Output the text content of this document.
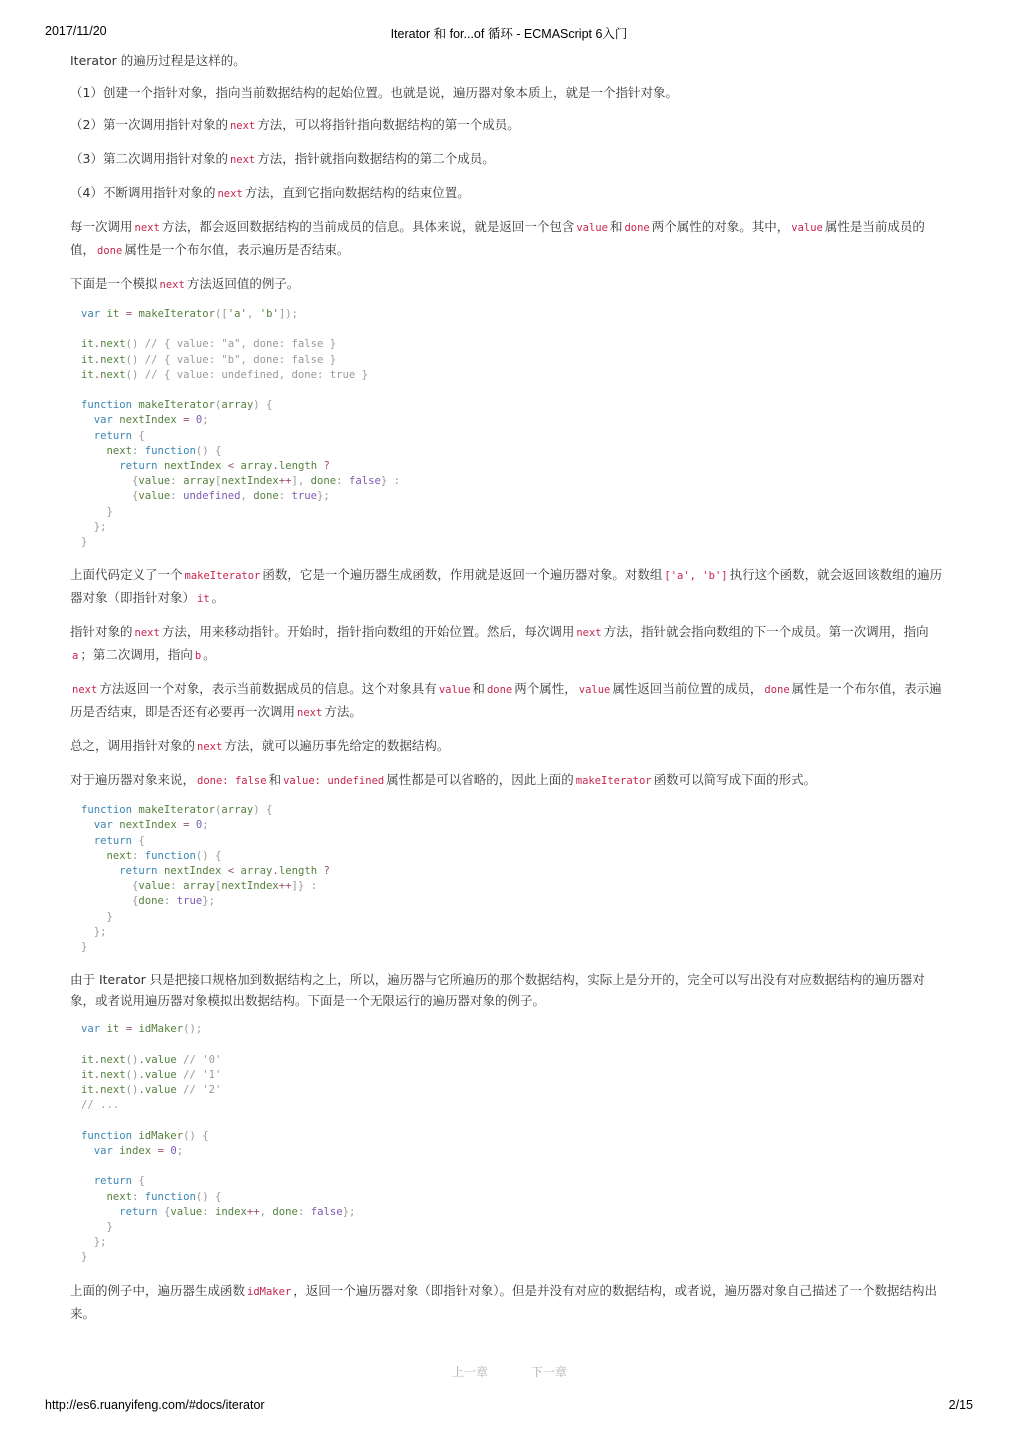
2017/11/20	Iterator 和 for...of 循环 - ECMAScript 6入门

Iterator 的遍历过程是这样的。

（1）创建一个指针对象，指向当前数据结构的起始位置。也就是说，遍历器对象本质上，就是一个指针对象。

（2）第一次调用指针对象的 next 方法，可以将指针指向数据结构的第一个成员。

（3）第二次调用指针对象的 next 方法，指针就指向数据结构的第二个成员。

（4）不断调用指针对象的 next 方法，直到它指向数据结构的结束位置。

每一次调用 next 方法，都会返回数据结构的当前成员的信息。具体来说，就是返回一个包含 value 和 done 两个属性的对象。其中， value 属性是当前成员的值， done 属性是一个布尔值，表示遍历是否结束。

下面是一个模拟 next 方法返回值的例子。

var it = makeIterator(['a', 'b']);

it.next() // { value: "a", done: false }
it.next() // { value: "b", done: false }
it.next() // { value: undefined, done: true }

function makeIterator(array) {
var nextIndex = 0;
return {
next: function() {
return nextIndex < array.length ?
{value: array[nextIndex++], done: false} :
{value: undefined, done: true};
}
};
}

上面代码定义了一个 makeIterator 函数，它是一个遍历器生成函数，作用就是返回一个遍历器对象。对数组 ['a', 'b'] 执行这个函数，就会返回该数组的遍历器对象（即指针对象） it 。

指针对象的 next 方法，用来移动指针。开始时，指针指向数组的开始位置。然后，每次调用 next 方法，指针就会指向数组的下一个成员。第一次调用，指向a ；第二次调用，指向 b 。

next 方法返回一个对象，表示当前数据成员的信息。这个对象具有 value 和 done 两个属性， value 属性返回当前位置的成员， done 属性是一个布尔值，表示遍历是否结束，即是否还有必要再一次调用 next 方法。

总之，调用指针对象的 next 方法，就可以遍历事先给定的数据结构。

对于遍历器对象来说， done: false 和 value: undefined 属性都是可以省略的，因此上面的 makeIterator 函数可以简写成下面的形式。

function makeIterator(array) {
var nextIndex = 0;
return {
next: function() {
return nextIndex < array.length ?
{value: array[nextIndex++]} :
{done: true};
}
};
}

由于 Iterator 只是把接口规格加到数据结构之上，所以，遍历器与它所遍历的那个数据结构，实际上是分开的，完全可以写出没有对应数据结构的遍历器对象，或者说用遍历器对象模拟出数据结构。下面是一个无限运行的遍历器对象的例子。

var it = idMaker();

it.next().value // '0'
it.next().value // '1'
it.next().value // '2'
// ...

function idMaker() {
var index = 0;

return {
next: function() {
return {value: index++, done: false};
}
};
}

上面的例子中，遍历器生成函数 idMaker ，返回一个遍历器对象（即指针对象）。但是并没有对应的数据结构，或者说，遍历器对象自己描述了一个数据结构出来。

上一章	下一章
http://es6.ruanyifeng.com/#docs/iterator	2/15
